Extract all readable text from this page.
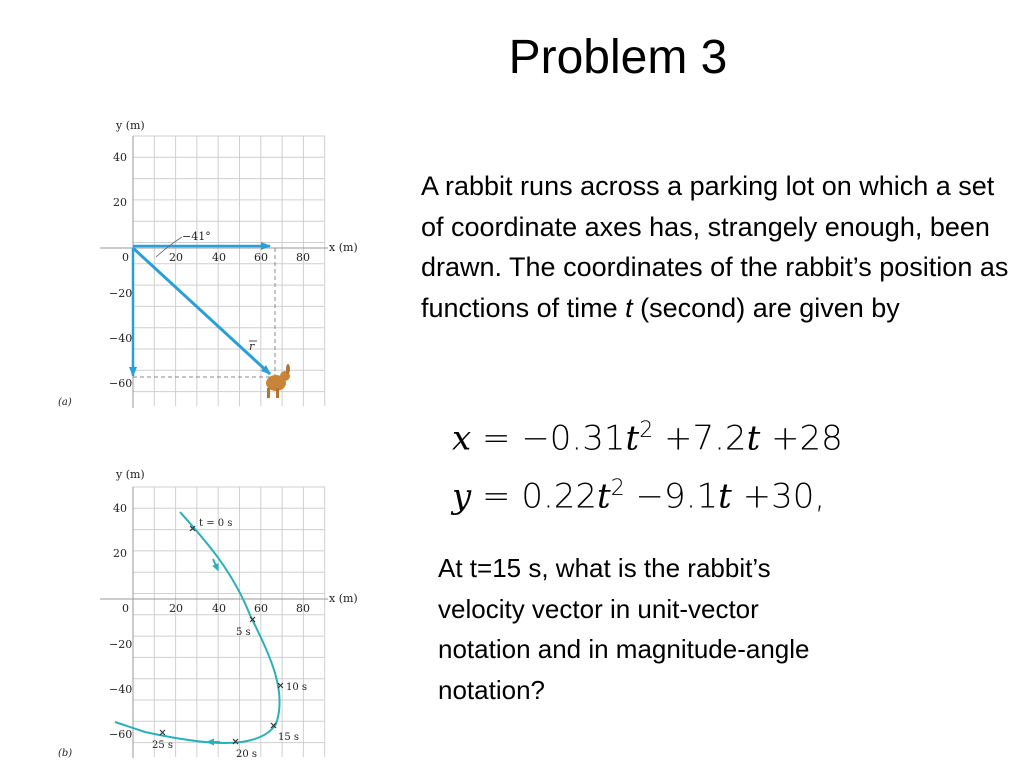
Problem 3
A rabbit runs across a parking lot on which a set of coordinate axes has, strangely enough, been drawn. The coordinates of the rabbit’s position as functions of time t (second) are given by
$x = -0.31t^2 +7.2t +28$
$y = 0.22t^2 -9.1t +30$,
At t=15 s, what is the rabbit’s velocity vector in unit-vector notation and in magnitude-angle notation?
−41°
r
y (m)
x (m)
40
20
−20
−40
−60
0	20	40	60	80
(a)
t = 0 s
5 s
10 s
15 s
20 s
25 s
y (m)
x (m)
40
20
−20
−40
−60
0	20	40	60	80
(b)
